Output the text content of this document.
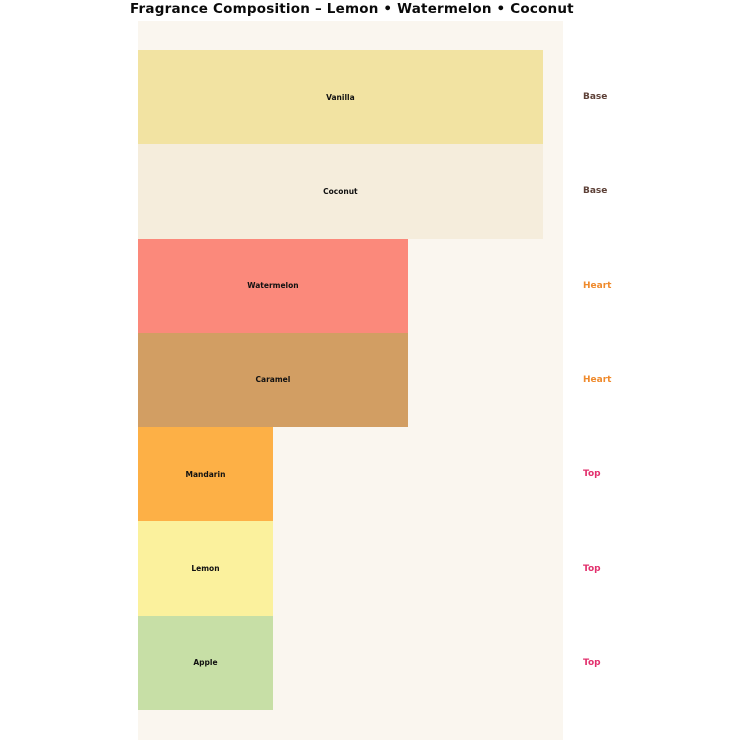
Fragrance Composition – Lemon • Watermelon • Coconut
Vanilla	Base
Coconut	Base
Watermelon	Heart
Caramel	Heart
Mandarin	Top
Lemon	Top
Apple	Top
